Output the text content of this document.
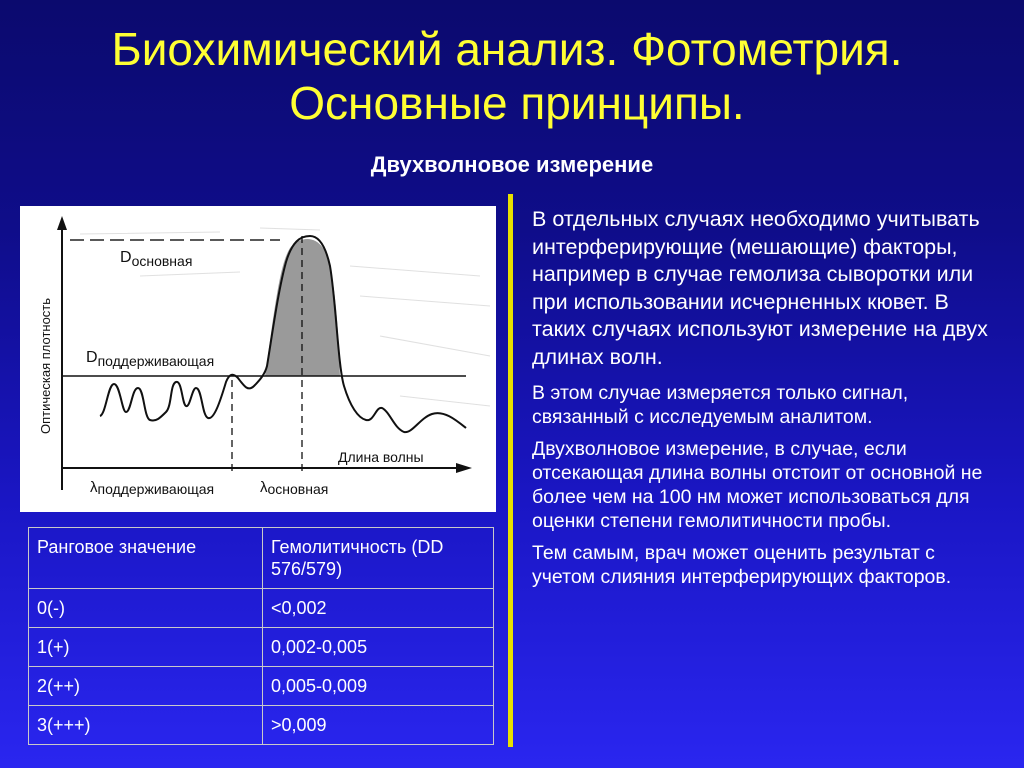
Биохимический анализ. Фотометрия.
Основные принципы.
Двухволновое измерение
Оптическая плотность
Dосновная
Dподдерживающая
Длина волны
λподдерживающая	λосновная

В отдельных случаях необходимо учитывать интерферирующие (мешающие) факторы, например в случае гемолиза сыворотки или при использовании исчерненных кювет. В таких случаях используют измерение на двух длинах волн.

В этом случае измеряется только сигнал, связанный с исследуемым аналитом.

Двухволновое измерение, в случае, если отсекающая длина волны отстоит от основной не более чем на 100 нм может использоваться для оценки степени гемолитичности пробы.

Тем самым, врач может оценить результат с учетом слияния интерферирующих факторов.

Ранговое значение	Гемолитичность (DD 576/579)
0(-)	<0,002
1(+)	0,002-0,005
2(++)	0,005-0,009
3(+++)	>0,009
